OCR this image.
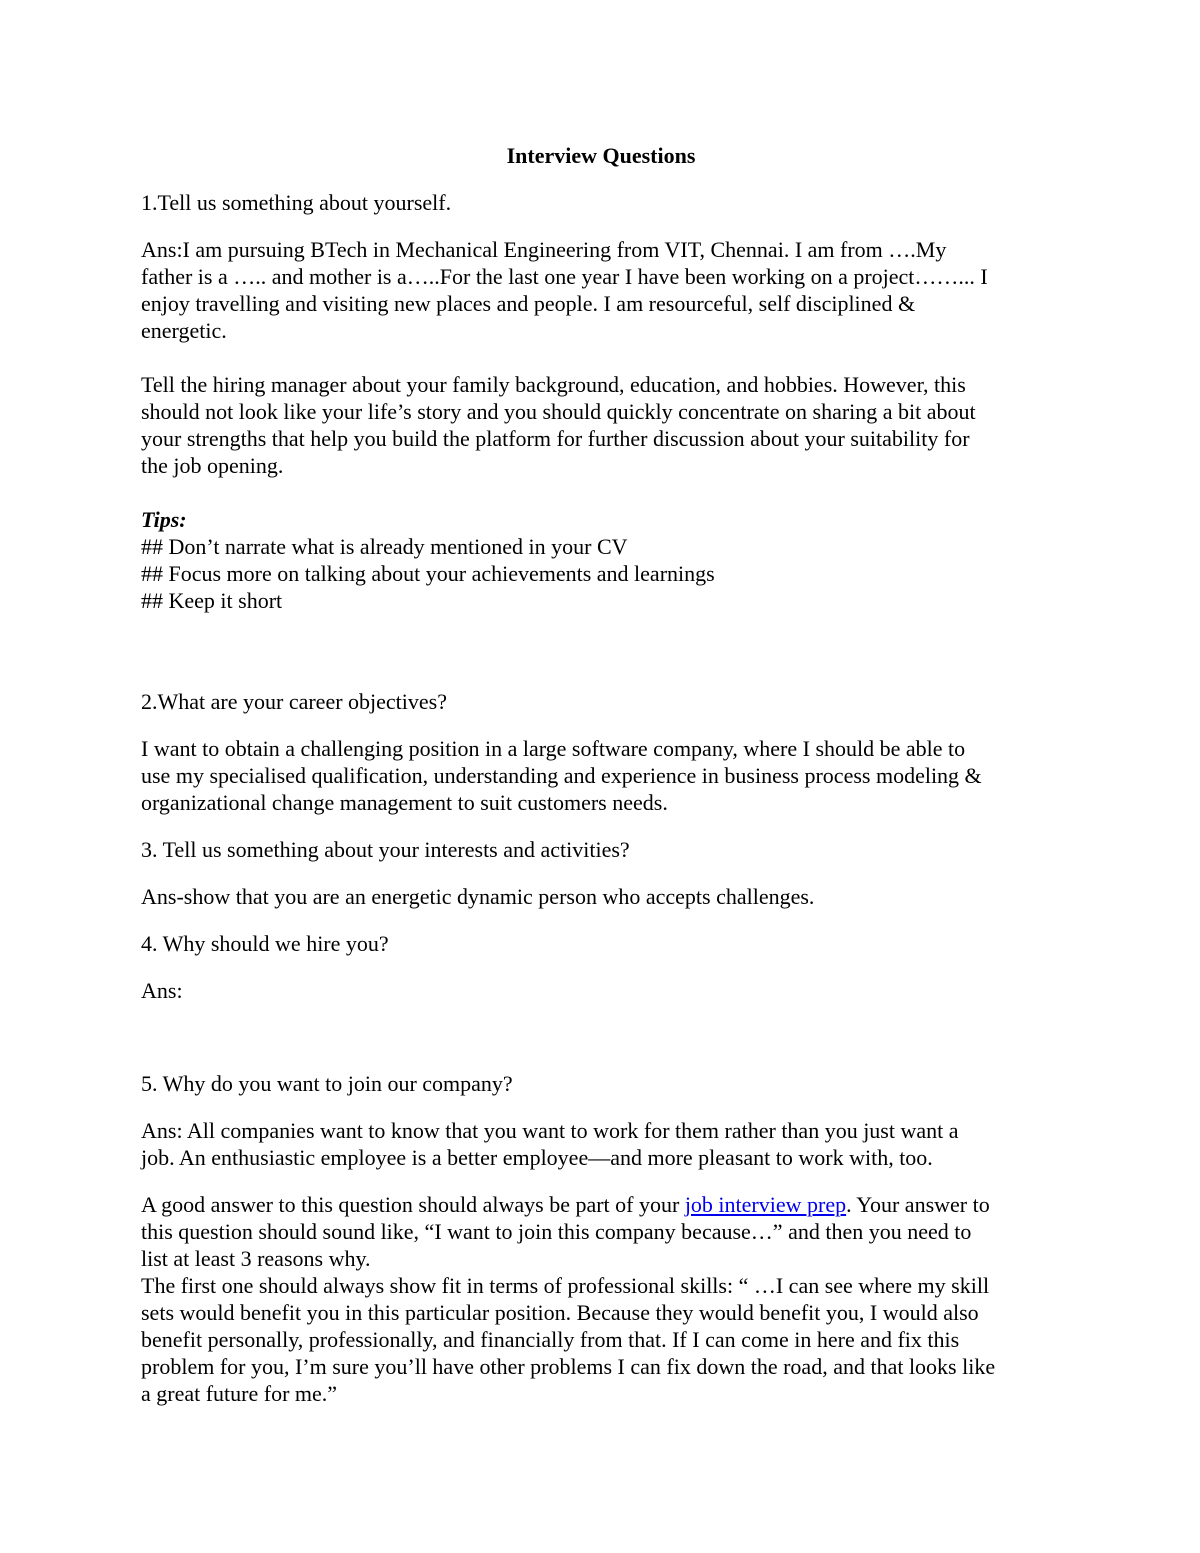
Interview Questions

1.Tell us something about yourself.

Ans:I am pursuing BTech in Mechanical Engineering from VIT, Chennai. I am from ….My
father is a ….. and mother is a…..For the last one year I have been working on a project……... I
enjoy travelling and visiting new places and people. I am resourceful, self disciplined &
energetic.

Tell the hiring manager about your family background, education, and hobbies. However, this
should not look like your life’s story and you should quickly concentrate on sharing a bit about
your strengths that help you build the platform for further discussion about your suitability for
the job opening.

Tips:
## Don’t narrate what is already mentioned in your CV
## Focus more on talking about your achievements and learnings
## Keep it short

2.What are your career objectives?

I want to obtain a challenging position in a large software company, where I should be able to
use my specialised qualification, understanding and experience in business process modeling &
organizational change management to suit customers needs.

3. Tell us something about your interests and activities?

Ans-show that you are an energetic dynamic person who accepts challenges.

4. Why should we hire you?

Ans:

5. Why do you want to join our company?

Ans: All companies want to know that you want to work for them rather than you just want a
job. An enthusiastic employee is a better employee—and more pleasant to work with, too.

A good answer to this question should always be part of your job interview prep. Your answer to
this question should sound like, “I want to join this company because…” and then you need to
list at least 3 reasons why.
The first one should always show fit in terms of professional skills: “ …I can see where my skill
sets would benefit you in this particular position. Because they would benefit you, I would also
benefit personally, professionally, and financially from that. If I can come in here and fix this
problem for you, I’m sure you’ll have other problems I can fix down the road, and that looks like
a great future for me.”
